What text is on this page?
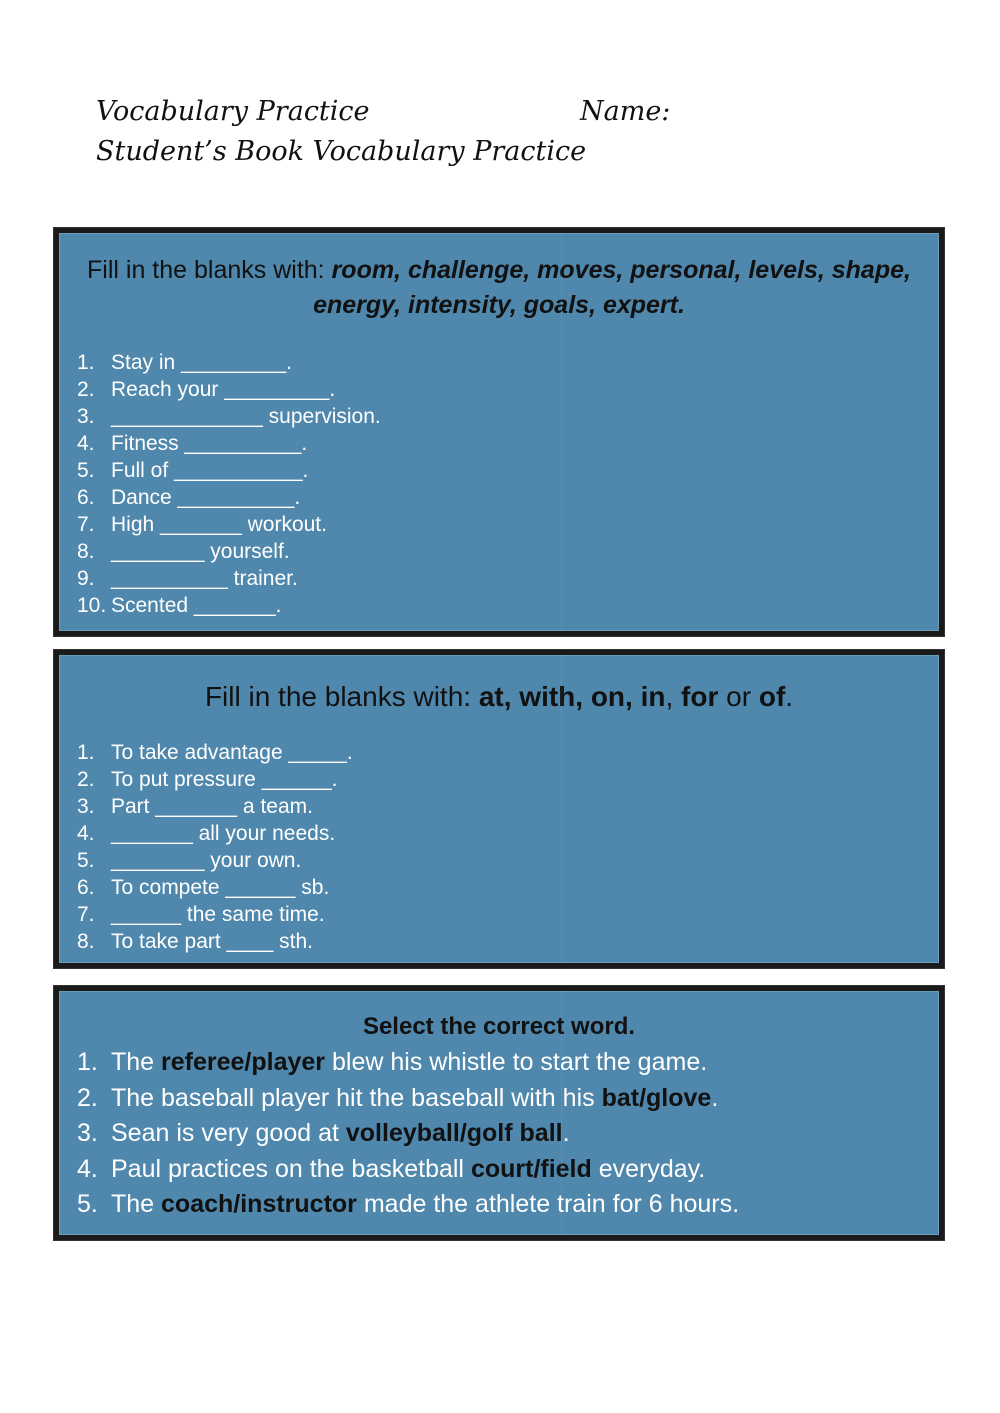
Vocabulary Practice	Name:
Student’s Book Vocabulary Practice
Fill in the blanks with: room, challenge, moves, personal, levels, shape, energy, intensity, goals, expert.
1. Stay in _________.
2. Reach your _________.
3. _____________ supervision.
4. Fitness __________.
5. Full of ___________.
6. Dance __________.
7. High _______ workout.
8. ________ yourself.
9. __________ trainer.
10. Scented _______.
Fill in the blanks with: at, with, on, in, for or of.
1. To take advantage _____.
2. To put pressure ______.
3. Part _______ a team.
4. _______ all your needs.
5. ________ your own.
6. To compete ______ sb.
7. ______ the same time.
8. To take part ____ sth.
Select the correct word.
1. The referee/player blew his whistle to start the game.
2. The baseball player hit the baseball with his bat/glove.
3. Sean is very good at volleyball/golf ball.
4. Paul practices on the basketball court/field everyday.
5. The coach/instructor made the athlete train for 6 hours.
